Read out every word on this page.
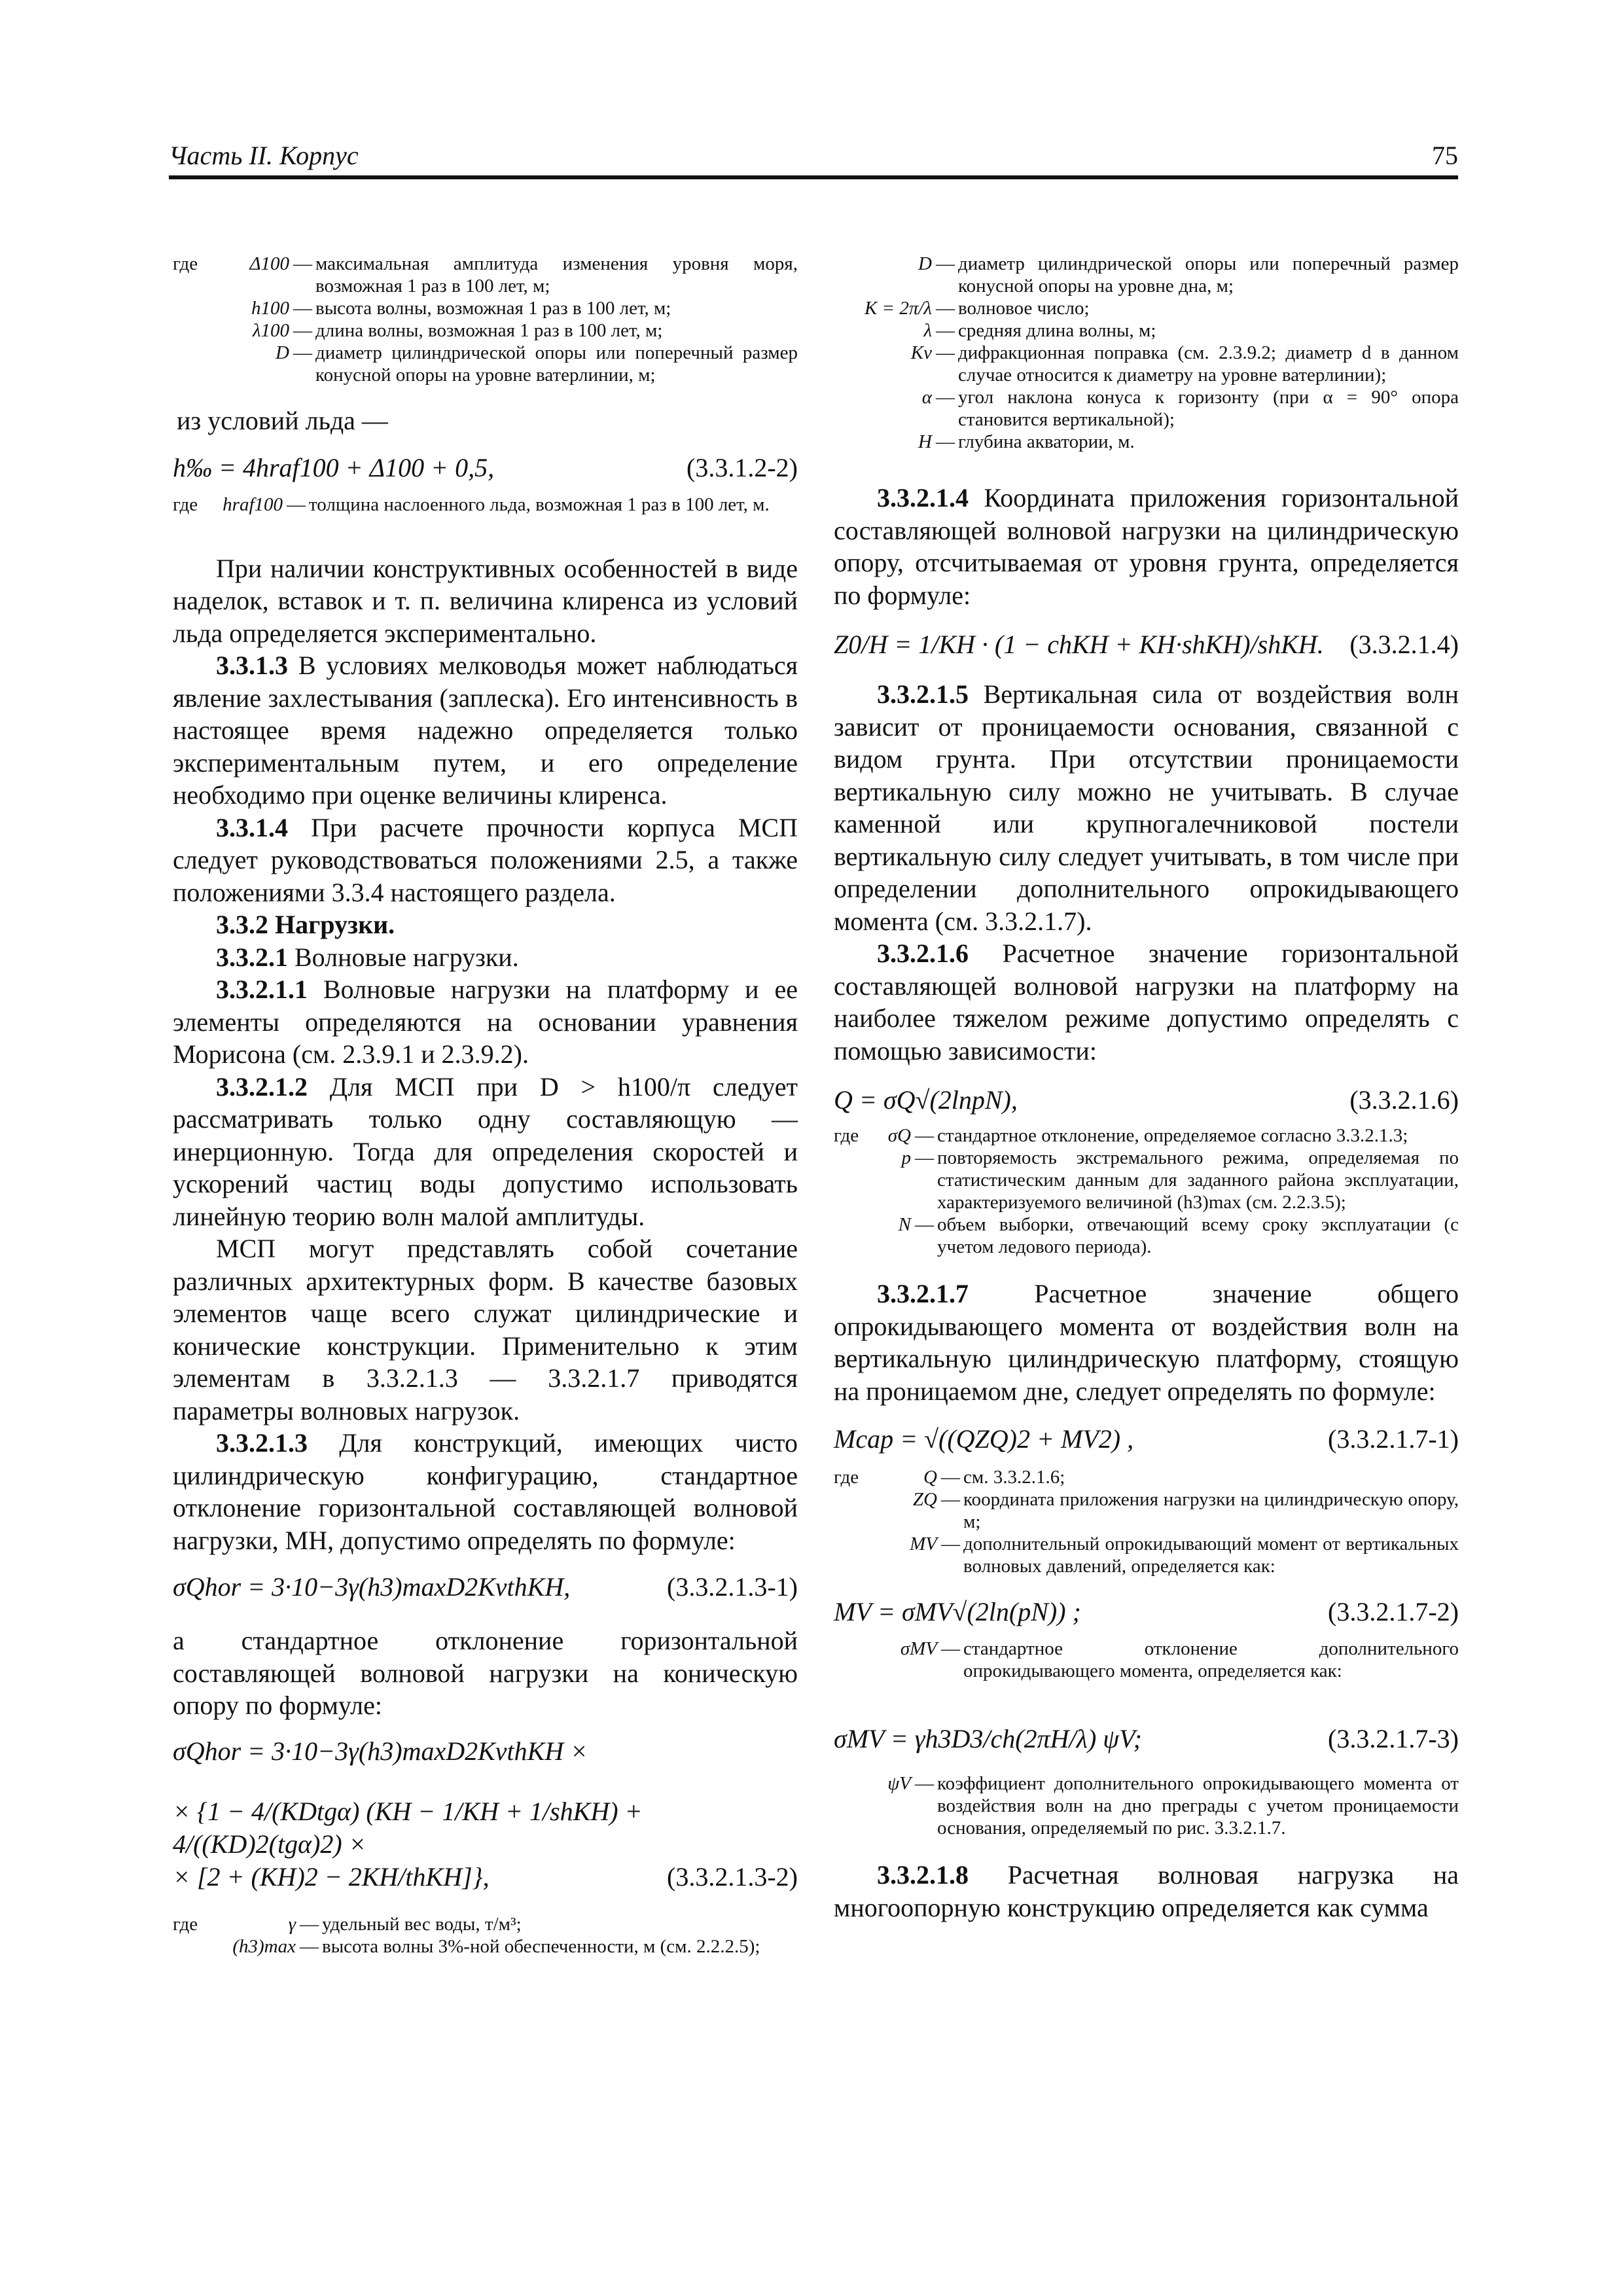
Часть II. Корпус	75
где	Δ100	—	максимальная амплитуда изменения уровня моря, возможная 1 раз в 100 лет, м;
	h100	—	высота волны, возможная 1 раз в 100 лет, м;
	λ100	—	длина волны, возможная 1 раз в 100 лет, м;
	D	—	диаметр цилиндрической опоры или поперечный размер конусной опоры на уровне ватерлинии, м;

из условий льда —

h‰ = 4hraf100 + Δ100 + 0,5,	(3.3.1.2-2)
где	hraf100	—	толщина наслоенного льда, возможная 1 раз в 100 лет, м.

При наличии конструктивных особенностей в виде наделок, вставок и т. п. величина клиренса из условий льда определяется экспериментально.

3.3.1.3 В условиях мелководья может наблюдаться явление захлестывания (заплеска). Его интенсивность в настоящее время надежно определяется только экспериментальным путем, и его определение необходимо при оценке величины клиренса.

3.3.1.4 При расчете прочности корпуса МСП следует руководствоваться положениями 2.5, а также положениями 3.3.4 настоящего раздела.

3.3.2 Нагрузки.

3.3.2.1 Волновые нагрузки.

3.3.2.1.1 Волновые нагрузки на платформу и ее элементы определяются на основании уравнения Морисона (см. 2.3.9.1 и 2.3.9.2).

3.3.2.1.2 Для МСП при D > h100/π следует рассматривать только одну составляющую — инерционную. Тогда для определения скоростей и ускорений частиц воды допустимо использовать линейную теорию волн малой амплитуды.

МСП могут представлять собой сочетание различных архитектурных форм. В качестве базовых элементов чаще всего служат цилиндрические и конические конструкции. Применительно к этим элементам в 3.3.2.1.3 — 3.3.2.1.7 приводятся параметры волновых нагрузок.

3.3.2.1.3 Для конструкций, имеющих чисто цилиндрическую конфигурацию, стандартное отклонение горизонтальной составляющей волновой нагрузки, МН, допустимо определять по формуле:

σQhor = 3·10−3γ(h3)maxD2KvthKH,	(3.3.2.1.3-1)

а стандартное отклонение горизонтальной составляющей волновой нагрузки на коническую опору по формуле:

σQhor = 3·10−3γ(h3)maxD2KvthKH ×
× {1 − 4/(KDtgα) (KH − 1/KH + 1/shKH) + 4/((KD)2(tgα)2) ×
× [2 + (KH)2 − 2KH/thKH]},	(3.3.2.1.3-2)
где	γ	—	удельный вес воды, т/м³;
	(h3)max	—	высота волны 3%-ной обеспеченности, м (см. 2.2.2.5);
D	—	диаметр цилиндрической опоры или поперечный размер конусной опоры на уровне дна, м;
K = 2π/λ	—	волновое число;
λ	—	средняя длина волны, м;
Kv	—	дифракционная поправка (см. 2.3.9.2; диаметр d в данном случае относится к диаметру на уровне ватерлинии);
α	—	угол наклона конуса к горизонту (при α = 90° опора становится вертикальной);
H	—	глубина акватории, м.

3.3.2.1.4 Координата приложения горизонтальной составляющей волновой нагрузки на цилиндрическую опору, отсчитываемая от уровня грунта, определяется по формуле:

Z0/H = 1/KH · (1 − chKH + KH·shKH)/shKH. (3.3.2.1.4)

3.3.2.1.5 Вертикальная сила от воздействия волн зависит от проницаемости основания, связанной с видом грунта. При отсутствии проницаемости вертикальную силу можно не учитывать. В случае каменной или крупногалечниковой постели вертикальную силу следует учитывать, в том числе при определении дополнительного опрокидывающего момента (см. 3.3.2.1.7).

3.3.2.1.6 Расчетное значение горизонтальной составляющей волновой нагрузки на платформу на наиболее тяжелом режиме допустимо определять с помощью зависимости:

Q = σQ√(2lnpN),	(3.3.2.1.6)
где	σQ	—	стандартное отклонение, определяемое согласно 3.3.2.1.3;
	p	—	повторяемость экстремального режима, определяемая по статистическим данным для заданного района эксплуатации, характеризуемого величиной (h3)max (см. 2.2.3.5);
	N	—	объем выборки, отвечающий всему сроку эксплуатации (с учетом ледового периода).

3.3.2.1.7 Расчетное значение общего опрокидывающего момента от воздействия волн на вертикальную цилиндрическую платформу, стоящую на проницаемом дне, следует определять по формуле:

Mcap = √((QZQ)2 + MV2) ,	(3.3.2.1.7-1)
где	Q	—	см. 3.3.2.1.6;
	ZQ	—	координата приложения нагрузки на цилиндрическую опору, м;
	MV	—	дополнительный опрокидывающий момент от вертикальных волновых давлений, определяется как:
MV = σMV√(2ln(pN)) ;	(3.3.2.1.7-2)
	σMV	—	стандартное отклонение дополнительного опрокидывающего момента, определяется как:
σMV = γh3D3/ch(2πH/λ) ψV;	(3.3.2.1.7-3)
	ψV	—	коэффициент дополнительного опрокидывающего момента от воздействия волн на дно преграды с учетом проницаемости основания, определяемый по рис. 3.3.2.1.7.

3.3.2.1.8 Расчетная волновая нагрузка на многоопорную конструкцию определяется как сумма
